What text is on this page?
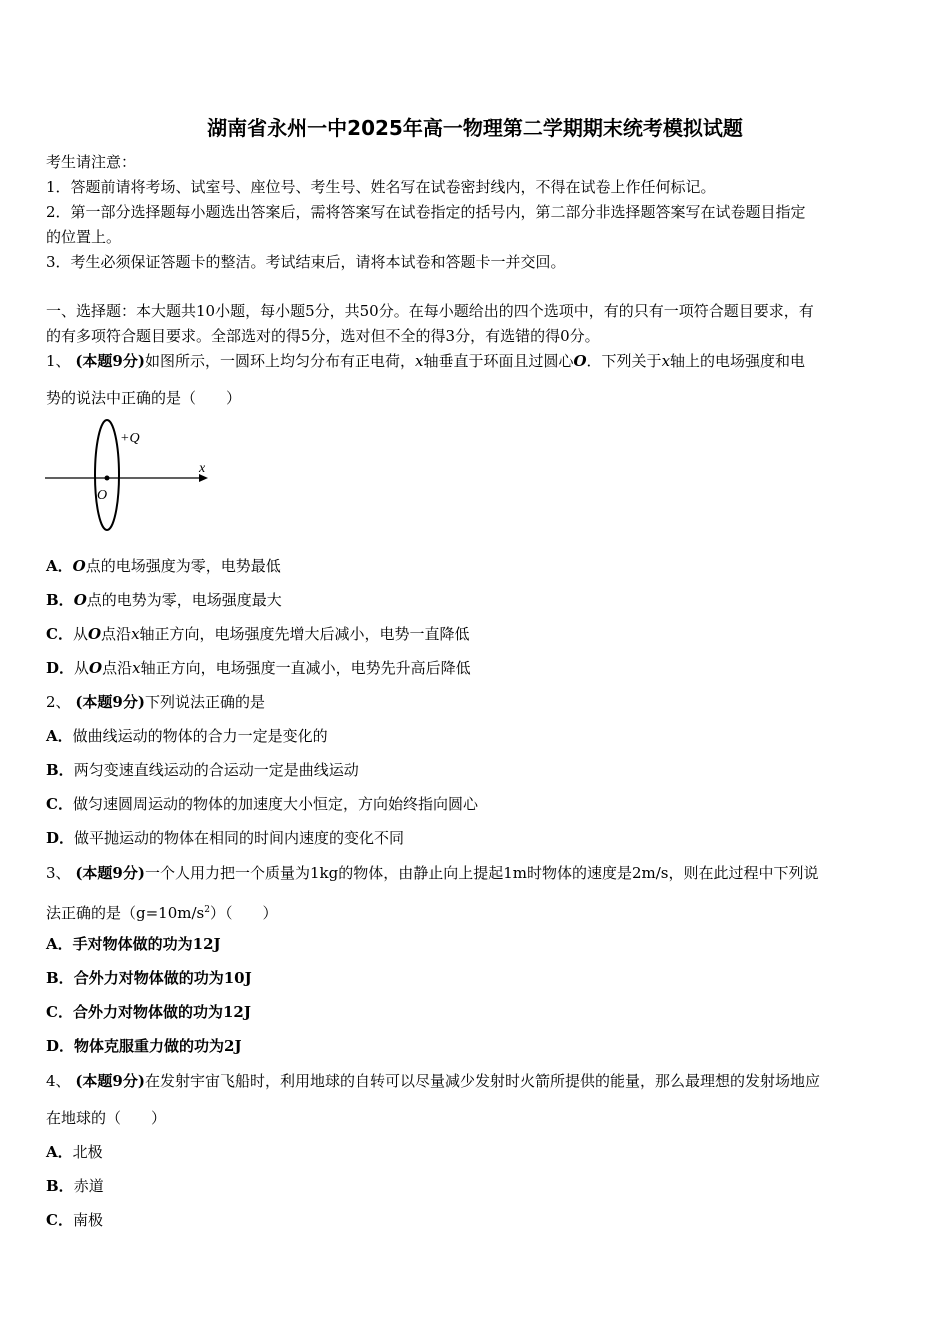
湖南省永州一中2025年高一物理第二学期期末统考模拟试题
考生请注意：
1．答题前请将考场、试室号、座位号、考生号、姓名写在试卷密封线内，不得在试卷上作任何标记。
2．第一部分选择题每小题选出答案后，需将答案写在试卷指定的括号内，第二部分非选择题答案写在试卷题目指定
的位置上。
3．考生必须保证答题卡的整洁。考试结束后，请将本试卷和答题卡一并交回。
一、选择题：本大题共10小题，每小题5分，共50分。在每小题给出的四个选项中，有的只有一项符合题目要求，有
的有多项符合题目要求。全部选对的得5分，选对但不全的得3分，有选错的得0分。
1、 (本题9分)如图所示，一圆环上均匀分布有正电荷，x轴垂直于环面且过圆心O．下列关于x轴上的电场强度和电
势的说法中正确的是（　　）
+Q
x
O
A．O点的电场强度为零，电势最低
B．O点的电势为零，电场强度最大
C．从O点沿x轴正方向，电场强度先增大后减小，电势一直降低
D．从O点沿x轴正方向，电场强度一直减小，电势先升高后降低
2、 (本题9分)下列说法正确的是
A．做曲线运动的物体的合力一定是变化的
B．两匀变速直线运动的合运动一定是曲线运动
C．做匀速圆周运动的物体的加速度大小恒定，方向始终指向圆心
D．做平抛运动的物体在相同的时间内速度的变化不同
3、 (本题9分)一个人用力把一个质量为1kg的物体，由静止向上提起1m时物体的速度是2m/s，则在此过程中下列说
法正确的是$(g=10m/s^2)$（　　）
A．手对物体做的功为12J
B．合外力对物体做的功为10J
C．合外力对物体做的功为12J
D．物体克服重力做的功为2J
4、 (本题9分)在发射宇宙飞船时，利用地球的自转可以尽量减少发射时火箭所提供的能量，那么最理想的发射场地应
在地球的（　　）
A．北极
B．赤道
C．南极
